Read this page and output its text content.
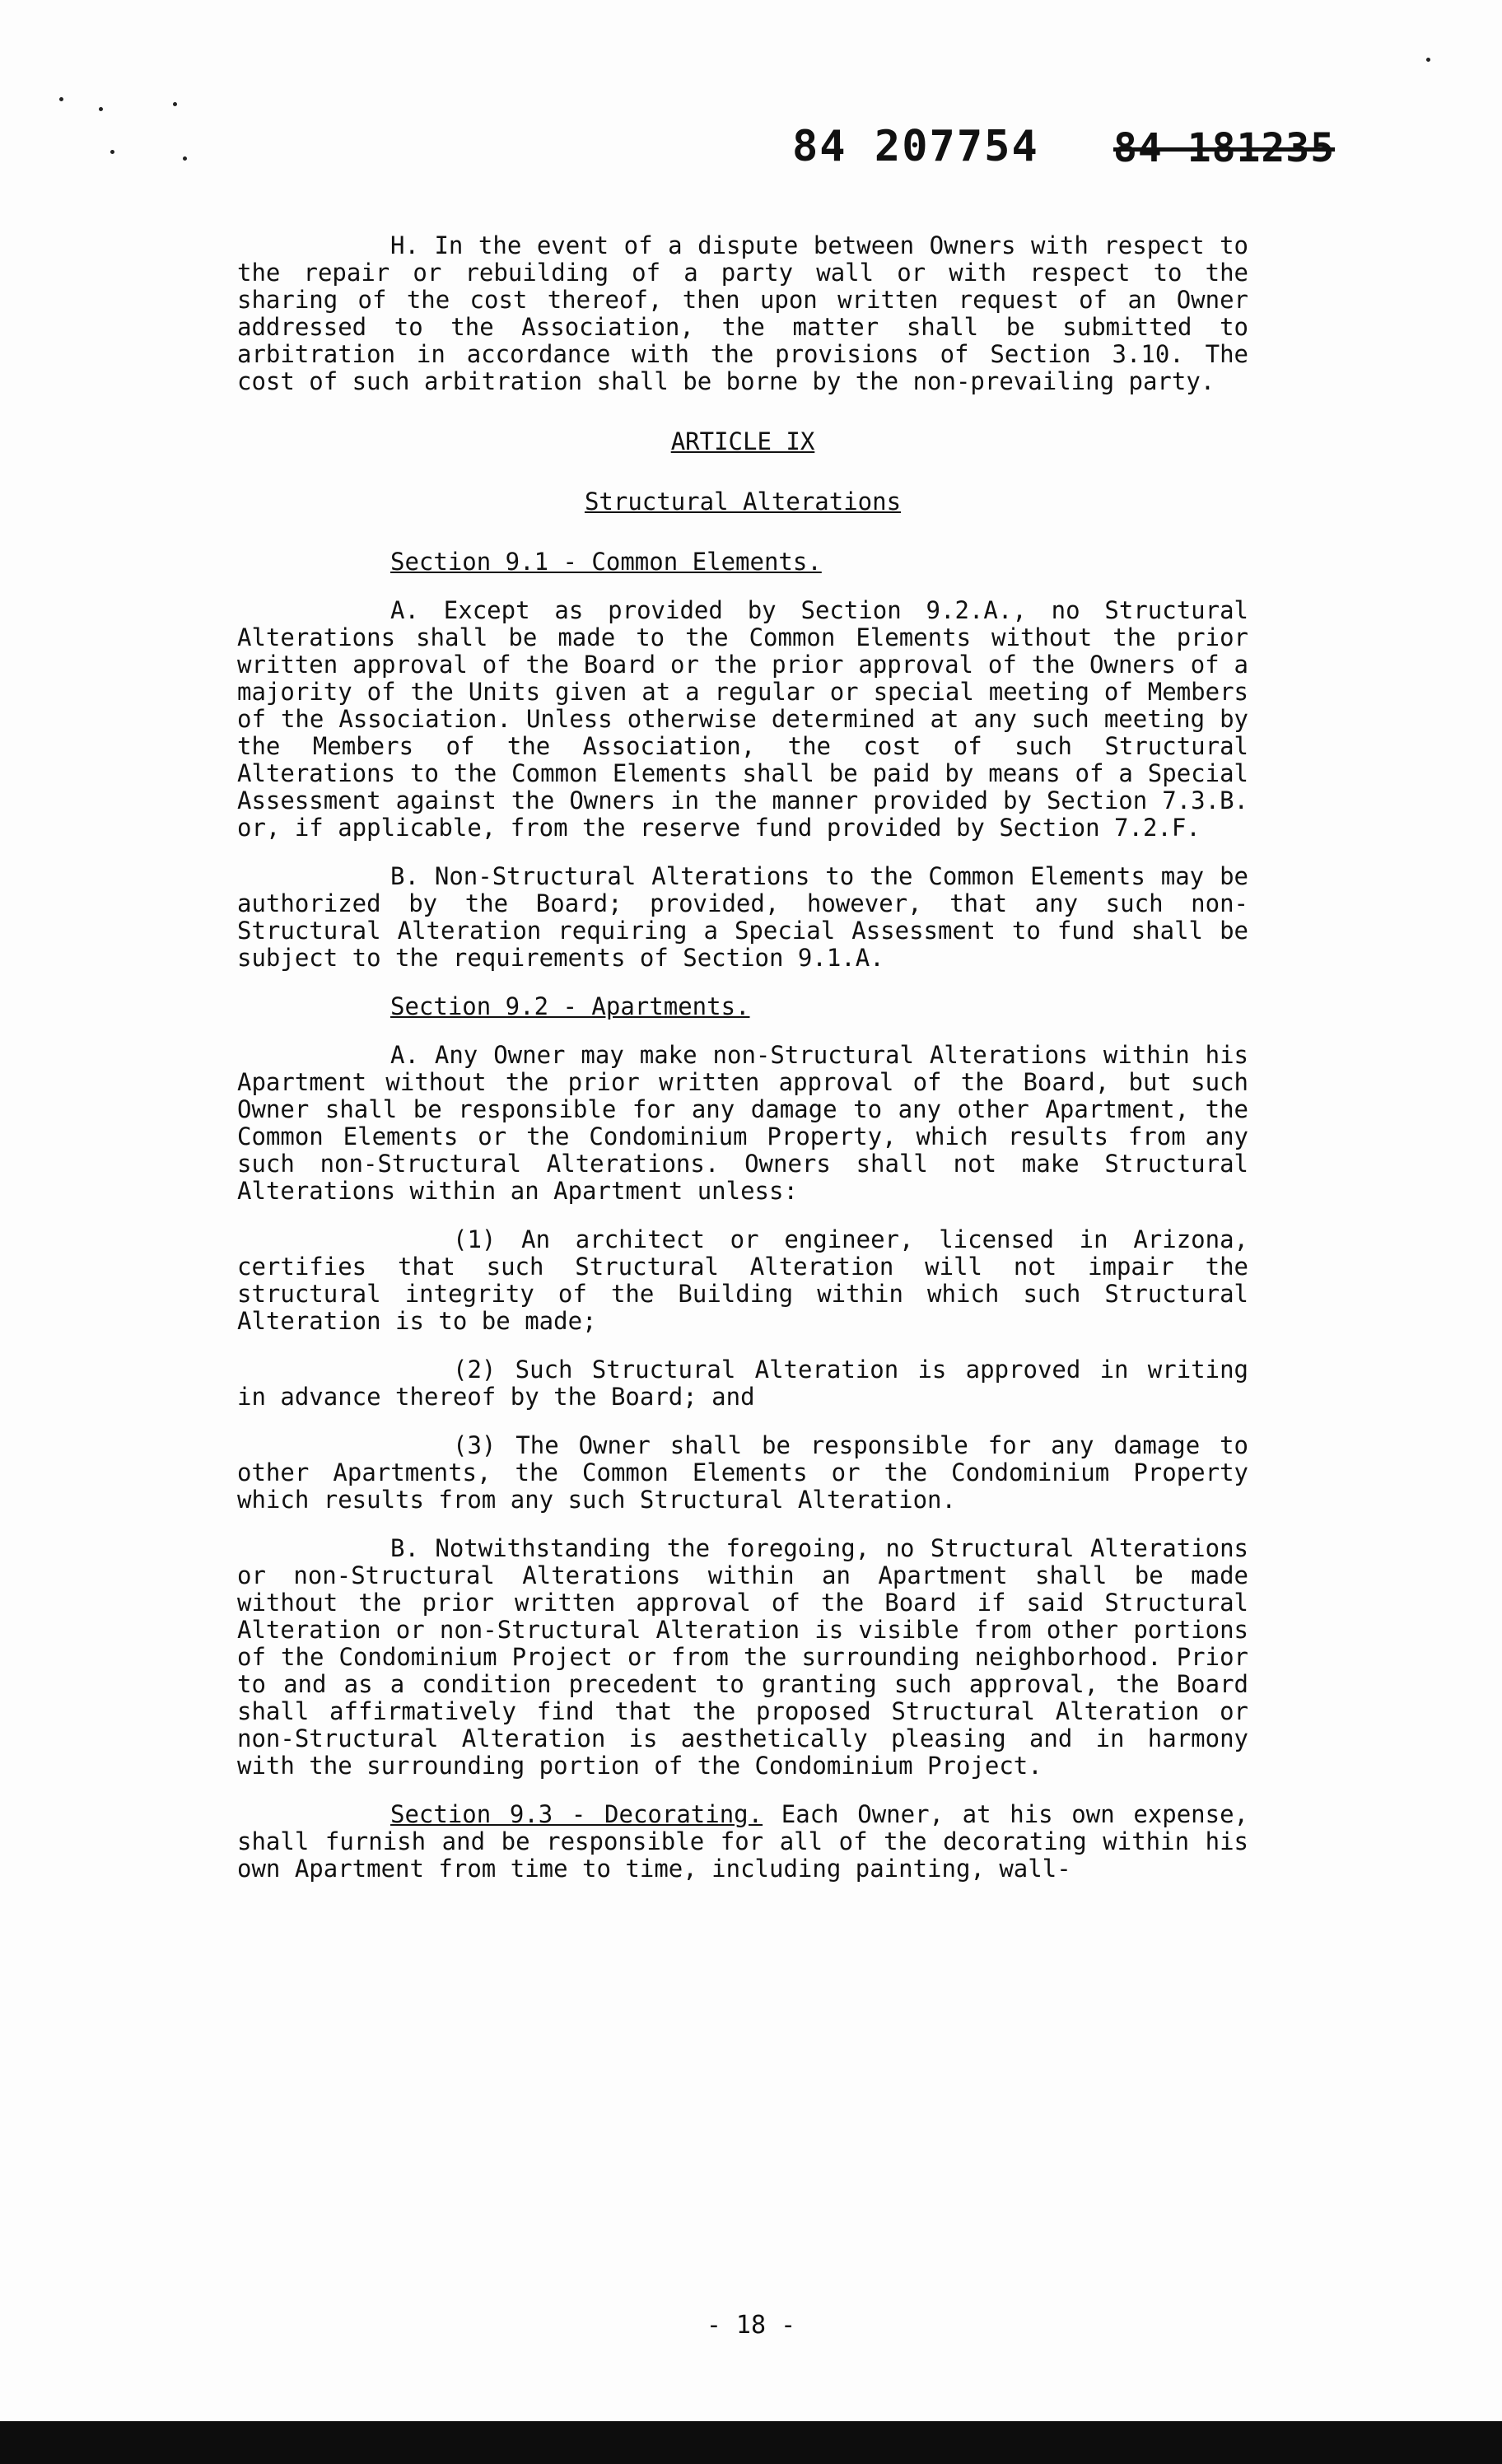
84 207754 84 181235

H. In the event of a dispute between Owners with respect to the repair or rebuilding of a party wall or with respect to the sharing of the cost thereof, then upon written request of an Owner addressed to the Association, the matter shall be submitted to arbitration in accordance with the provisions of Section 3.10. The cost of such arbitration shall be borne by the non-prevailing party.

ARTICLE IX

Structural Alterations

Section 9.1 - Common Elements.

A. Except as provided by Section 9.2.A., no Structural Alterations shall be made to the Common Elements without the prior written approval of the Board or the prior approval of the Owners of a majority of the Units given at a regular or special meeting of Members of the Association. Unless otherwise determined at any such meeting by the Members of the Association, the cost of such Structural Alterations to the Common Elements shall be paid by means of a Special Assessment against the Owners in the manner provided by Section 7.3.B. or, if applicable, from the reserve fund provided by Section 7.2.F.

B. Non-Structural Alterations to the Common Elements may be authorized by the Board; provided, however, that any such non-Structural Alteration requiring a Special Assessment to fund shall be subject to the requirements of Section 9.1.A.

Section 9.2 - Apartments.

A. Any Owner may make non-Structural Alterations within his Apartment without the prior written approval of the Board, but such Owner shall be responsible for any damage to any other Apartment, the Common Elements or the Condominium Property, which results from any such non-Structural Alterations. Owners shall not make Structural Alterations within an Apartment unless:

(1) An architect or engineer, licensed in Arizona, certifies that such Structural Alteration will not impair the structural integrity of the Building within which such Structural Alteration is to be made;

(2) Such Structural Alteration is approved in writing in advance thereof by the Board; and

(3) The Owner shall be responsible for any damage to other Apartments, the Common Elements or the Condominium Property which results from any such Structural Alteration.

B. Notwithstanding the foregoing, no Structural Alterations or non-Structural Alterations within an Apartment shall be made without the prior written approval of the Board if said Structural Alteration or non-Structural Alteration is visible from other portions of the Condominium Project or from the surrounding neighborhood. Prior to and as a condition precedent to granting such approval, the Board shall affirmatively find that the proposed Structural Alteration or non-Structural Alteration is aesthetically pleasing and in harmony with the surrounding portion of the Condominium Project.

Section 9.3 - Decorating. Each Owner, at his own expense, shall furnish and be responsible for all of the decorating within his own Apartment from time to time, including painting, wall-

- 18 -
